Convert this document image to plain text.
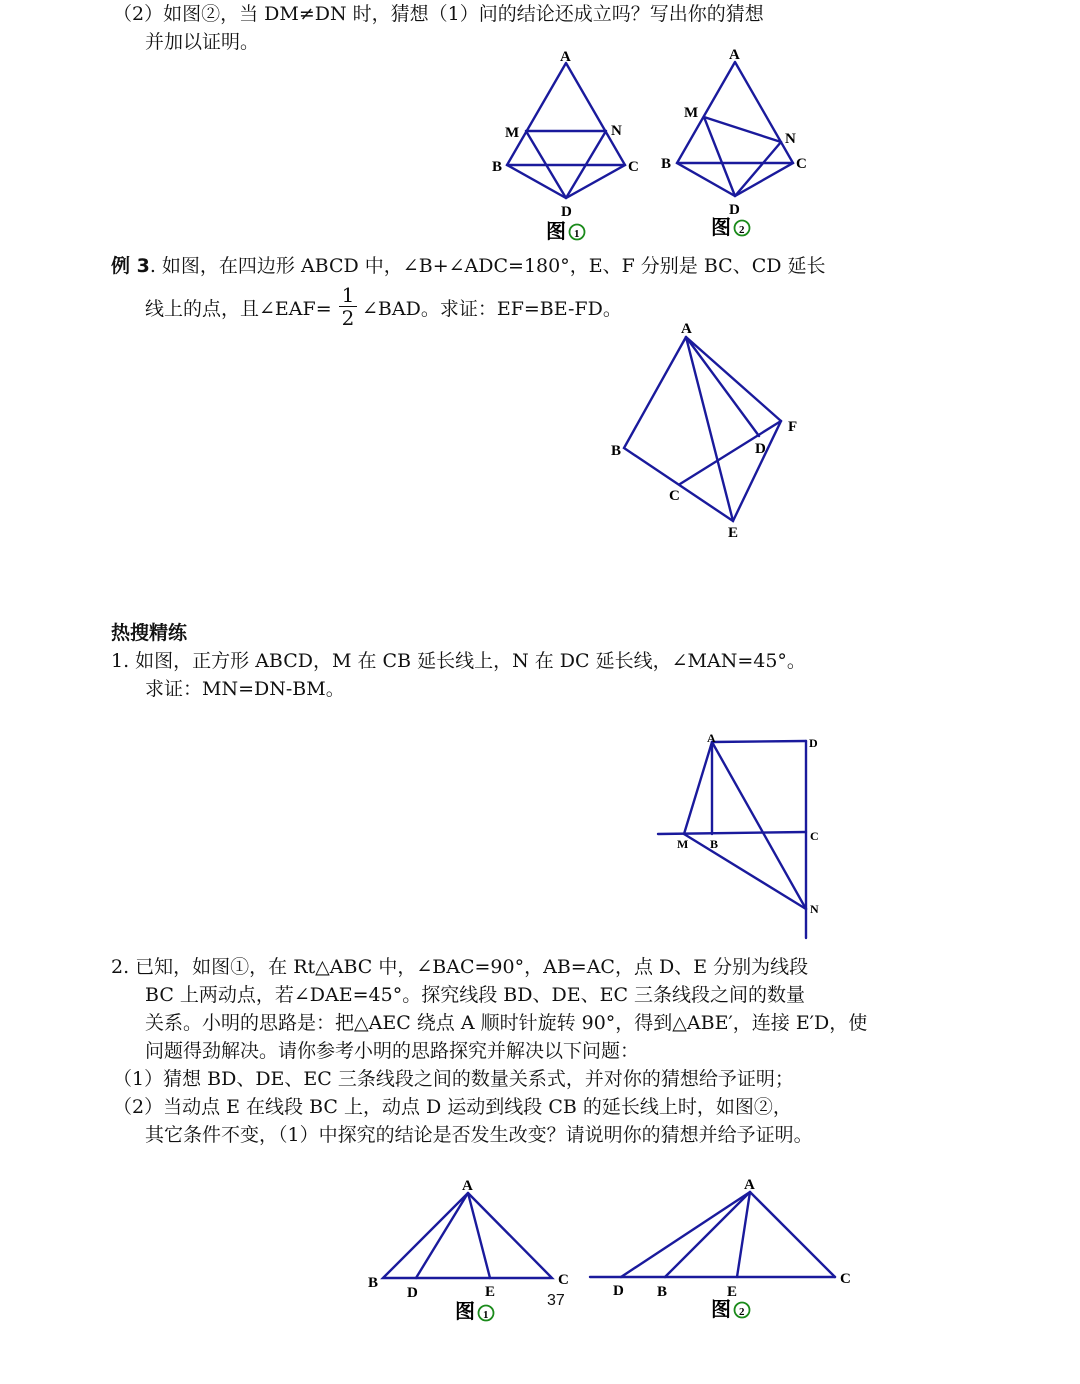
（2）如图②，当 DM≠DN 时，猜想（1）问的结论还成立吗？写出你的猜想
并加以证明。
A
M	N
B	C
D
图 1
A
M
N
B	C
D
图 2
A
B
C
D
E
F
A	D
M B
C
N
A
B
D	E
C
图 1
A
D B	E
C
图 2
例 3. 如图，在四边形 ABCD 中，∠B+∠ADC=180°，E、F 分别是 BC、CD 延长
线上的点，且∠EAF=
1
2 ∠BAD。求证：EF=BE-FD。
热搜精练
1. 如图，正方形 ABCD，M 在 CB 延长线上，N 在 DC 延长线，∠MAN=45°。
求证：MN=DN-BM。
2. 已知，如图①，在 Rt△ABC 中，∠BAC=90°，AB=AC，点 D、E 分别为线段
BC 上两动点，若∠DAE=45°。探究线段 BD、DE、EC 三条线段之间的数量
关系。小明的思路是：把△AEC 绕点 A 顺时针旋转 90°，得到△ABE′，连接 E′D，使
问题得劲解决。请你参考小明的思路探究并解决以下问题：
（1）猜想 BD、DE、EC 三条线段之间的数量关系式，并对你的猜想给予证明；
（2）当动点 E 在线段 BC 上，动点 D 运动到线段 CB 的延长线上时，如图②，
其它条件不变，（1）中探究的结论是否发生改变？请说明你的猜想并给予证明。
37
